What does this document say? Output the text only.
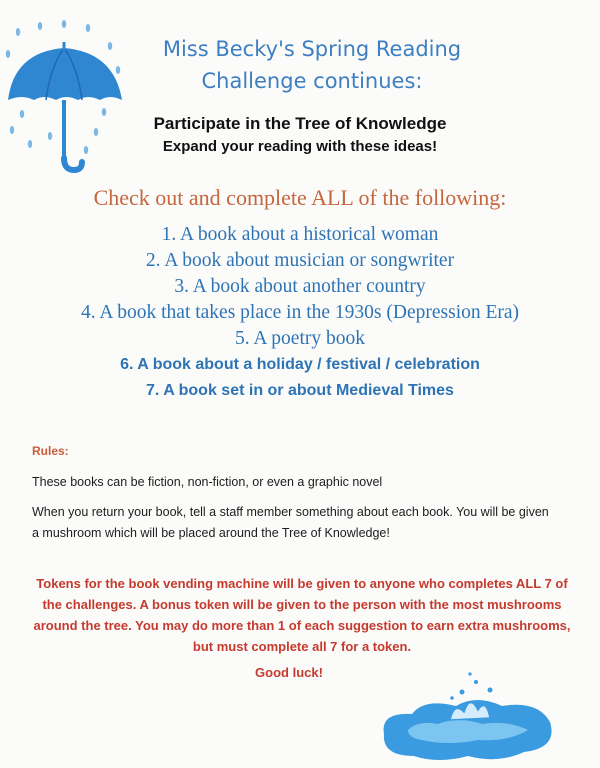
Miss Becky's Spring Reading
Challenge continues:
Participate in the Tree of Knowledge
Expand your reading with these ideas!
Check out and complete ALL of the following:
1. A book about a historical woman
2. A book about musician or songwriter
3. A book about another country
4. A book that takes place in the 1930s (Depression Era)
5. A poetry book
6. A book about a holiday / festival / celebration
7. A book set in or about Medieval Times
Rules:
These books can be fiction, non-fiction, or even a graphic novel
When you return your book, tell a staff member something about each book. You will be given a mushroom which will be placed around the Tree of Knowledge!
Tokens for the book vending machine will be given to anyone who completes ALL 7 of the challenges. A bonus token will be given to the person with the most mushrooms around the tree. You may do more than 1 of each suggestion to earn extra mushrooms, but must complete all 7 for a token.
Good luck!
